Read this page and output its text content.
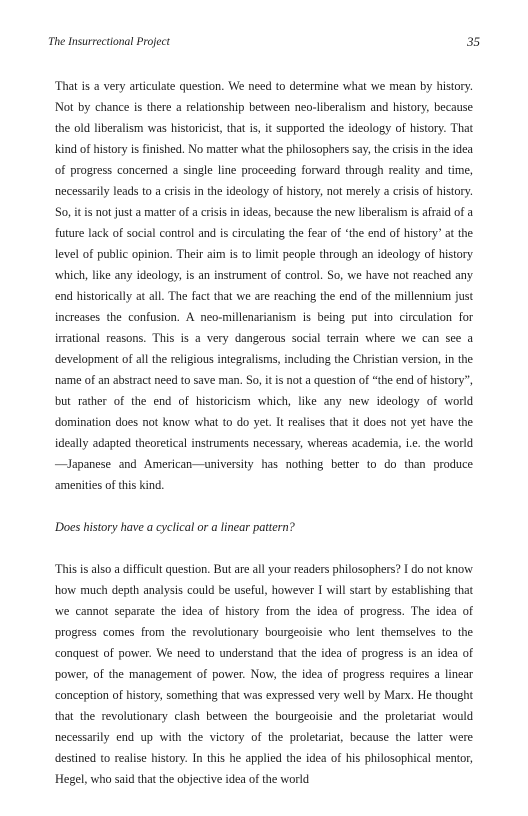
The Insurrectional Project	35

That is a very articulate question. We need to determine what we mean by history. Not by chance is there a relationship between neo-liberalism and history, because the old liberalism was historicist, that is, it supported the ideology of history. That kind of history is finished. No matter what the philosophers say, the crisis in the idea of progress concerned a single line proceeding forward through reality and time, necessarily leads to a crisis in the ideology of history, not merely a crisis of history. So, it is not just a matter of a crisis in ideas, because the new liberalism is afraid of a future lack of social control and is circulating the fear of ‘the end of history’ at the level of public opinion. Their aim is to limit people through an ideology of history which, like any ideology, is an instrument of control. So, we have not reached any end historically at all. The fact that we are reaching the end of the millennium just increases the confusion. A neo-millenarianism is being put into circulation for irrational reasons. This is a very dangerous social terrain where we can see a development of all the religious integralisms, including the Christian version, in the name of an abstract need to save man. So, it is not a question of “the end of history”, but rather of the end of historicism which, like any new ideology of world domination does not know what to do yet. It realises that it does not yet have the ideally adapted theoretical instruments necessary, whereas academia, i.e. the world—Japanese and American—university has nothing better to do than produce amenities of this kind.

Does history have a cyclical or a linear pattern?

This is also a difficult question. But are all your readers philosophers? I do not know how much depth analysis could be useful, however I will start by establishing that we cannot separate the idea of history from the idea of progress. The idea of progress comes from the revolutionary bourgeoisie who lent themselves to the conquest of power. We need to understand that the idea of progress is an idea of power, of the management of power. Now, the idea of progress requires a linear conception of history, something that was expressed very well by Marx. He thought that the revolutionary clash between the bourgeoisie and the proletariat would necessarily end up with the victory of the proletariat, because the latter were destined to realise history. In this he applied the idea of his philosophical mentor, Hegel, who said that the objective idea of the world
